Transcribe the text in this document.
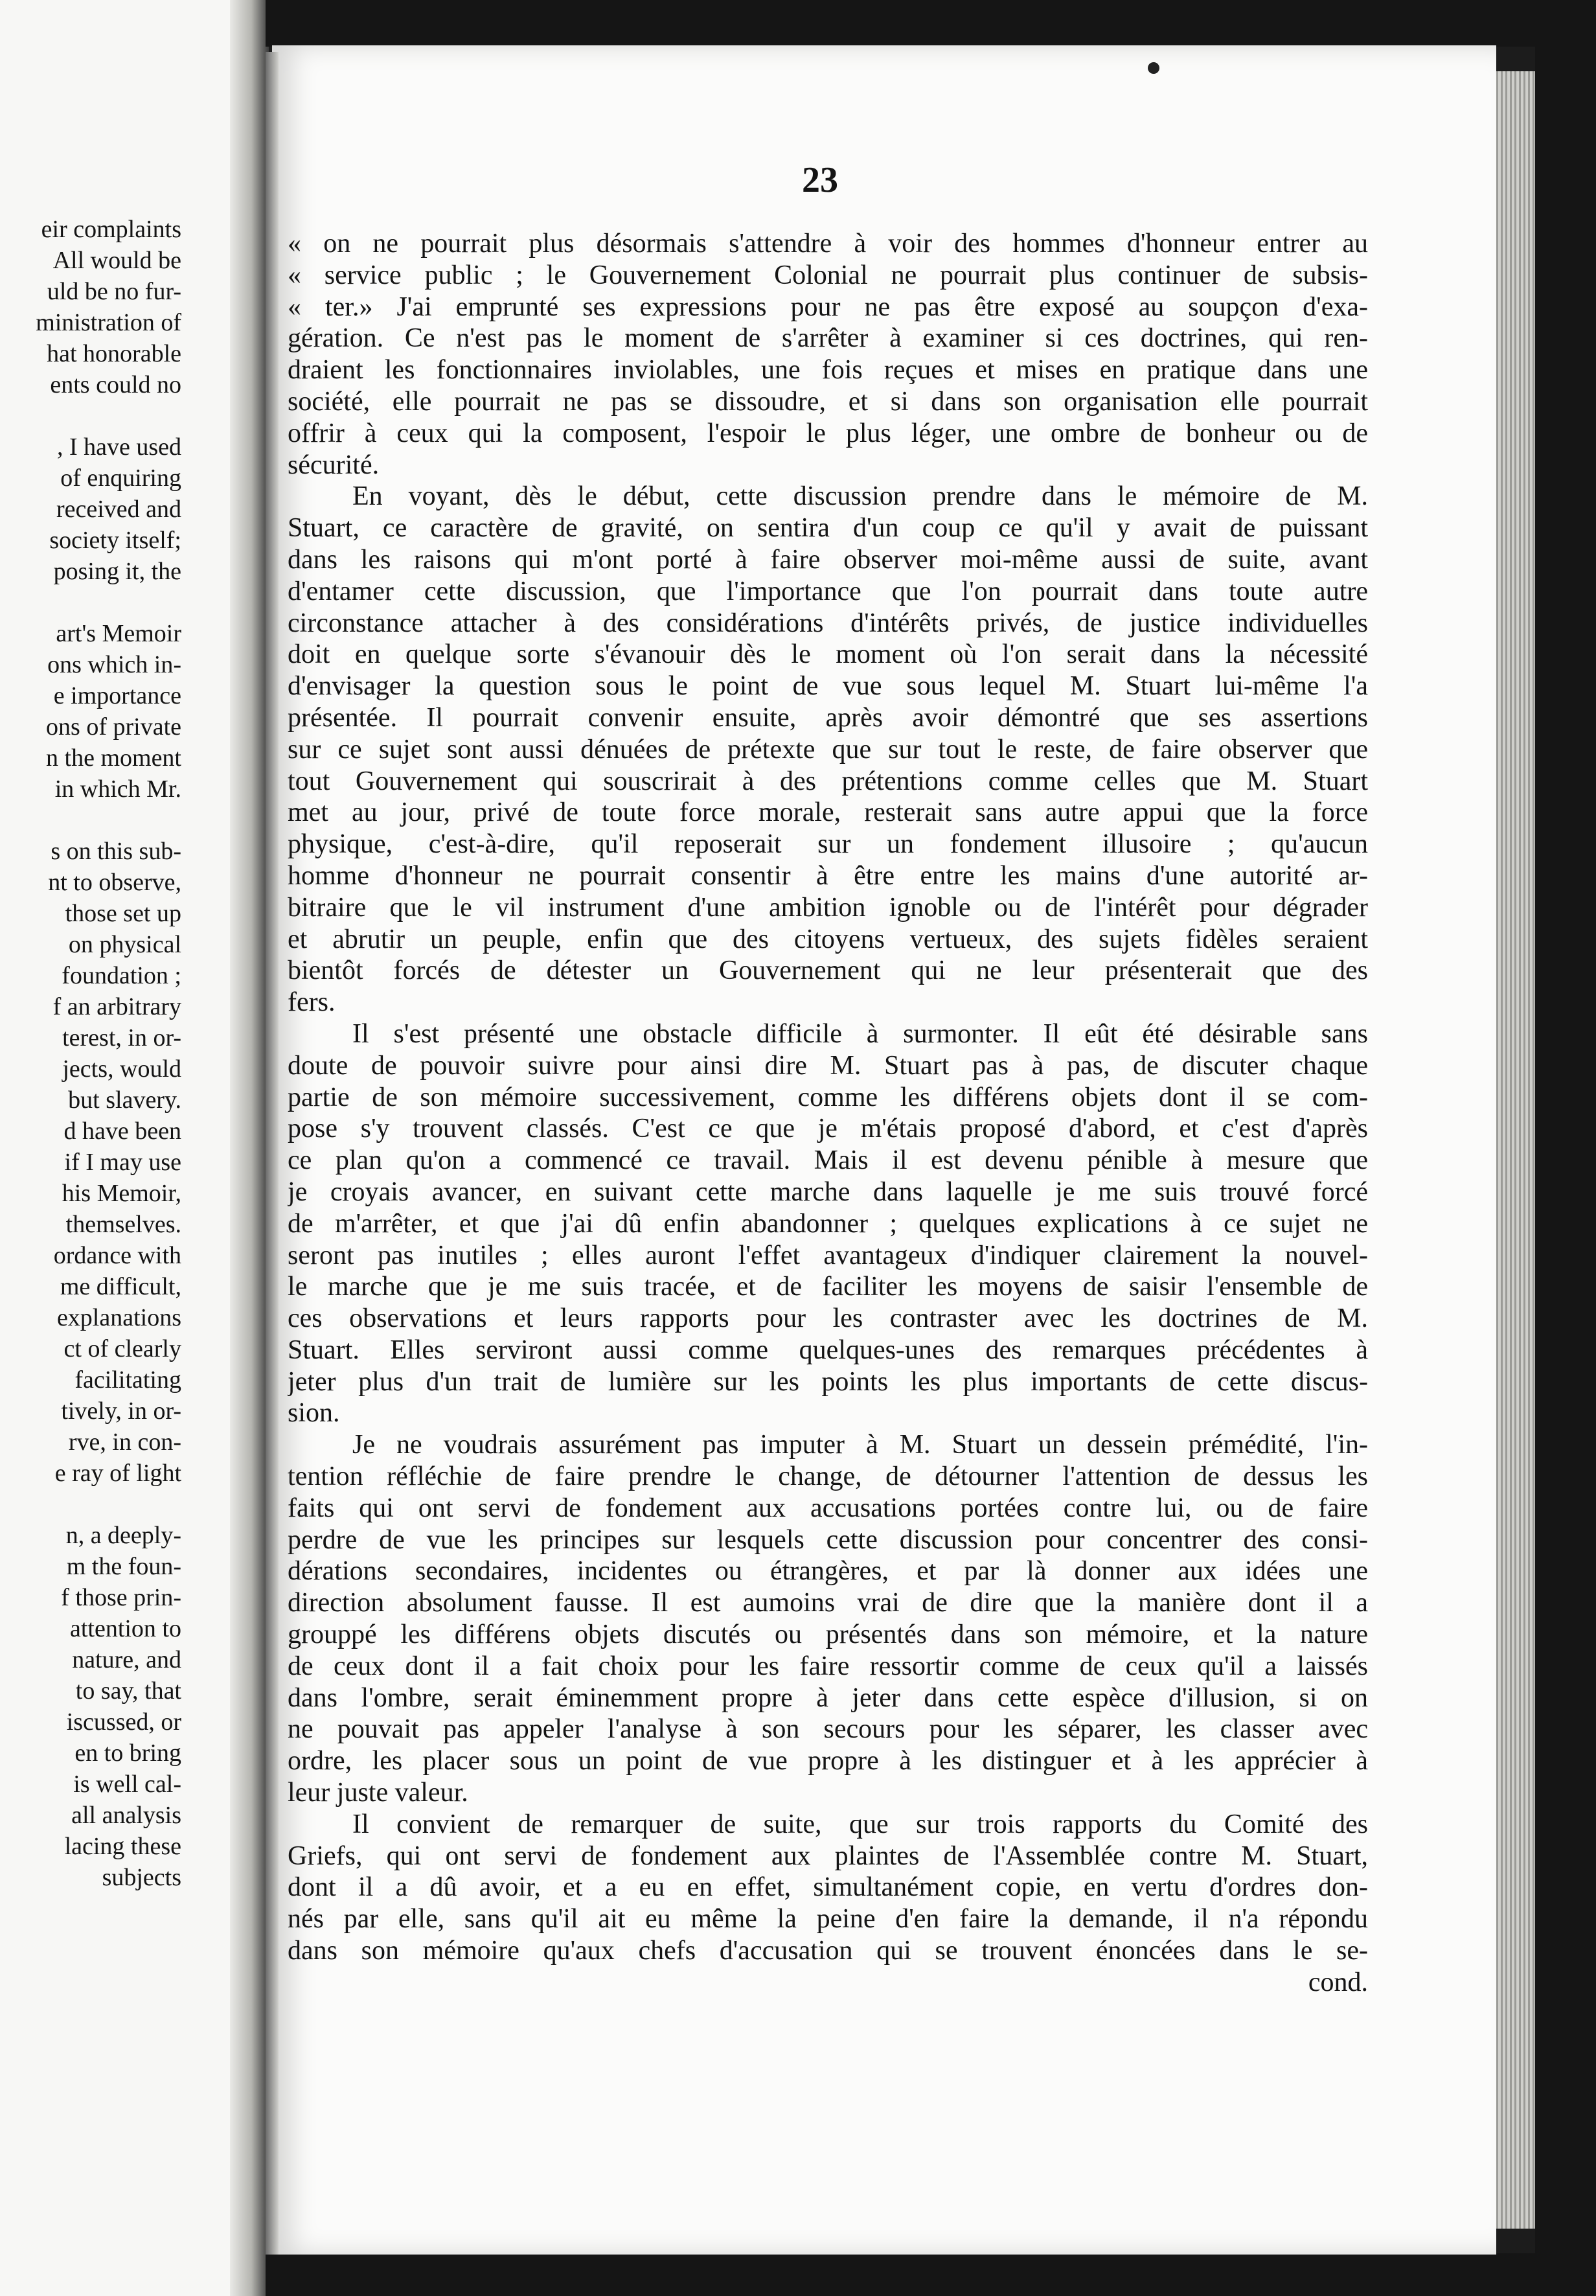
eir complaints
All would be
uld be no fur-
ministration of
hat honorable
ents could no
, I have used
of enquiring
received and
society itself;
posing it, the
art's Memoir
ons which in-
e importance
ons of private
n the moment
in which Mr.
s on this sub-
nt to observe,
those set up
on physical
foundation ;
f an arbitrary
terest, in or-
jects, would
but slavery.
d have been
if I may use
his Memoir,
themselves.
ordance with
me difficult,
explanations
ct of clearly
facilitating
tively, in or-
rve, in con-
e ray of light
n, a deeply-
m the foun-
f those prin-
attention to
nature, and
to say, that
iscussed, or
en to bring
is well cal-
all analysis
lacing these
subjects
23
« on ne pourrait plus désormais s'attendre à voir des hommes d'honneur entrer au
« service public ; le Gouvernement Colonial ne pourrait plus continuer de subsis-
« ter.» J'ai emprunté ses expressions pour ne pas être exposé au soupçon d'exa-
gération. Ce n'est pas le moment de s'arrêter à examiner si ces doctrines, qui ren-
draient les fonctionnaires inviolables, une fois reçues et mises en pratique dans une
société, elle pourrait ne pas se dissoudre, et si dans son organisation elle pourrait
offrir à ceux qui la composent, l'espoir le plus léger, une ombre de bonheur ou de
sécurité.
En voyant, dès le début, cette discussion prendre dans le mémoire de M.
Stuart, ce caractère de gravité, on sentira d'un coup ce qu'il y avait de puissant
dans les raisons qui m'ont porté à faire observer moi-même aussi de suite, avant
d'entamer cette discussion, que l'importance que l'on pourrait dans toute autre
circonstance attacher à des considérations d'intérêts privés, de justice individuelles
doit en quelque sorte s'évanouir dès le moment où l'on serait dans la nécessité
d'envisager la question sous le point de vue sous lequel M. Stuart lui-même l'a
présentée. Il pourrait convenir ensuite, après avoir démontré que ses assertions
sur ce sujet sont aussi dénuées de prétexte que sur tout le reste, de faire observer que
tout Gouvernement qui souscrirait à des prétentions comme celles que M. Stuart
met au jour, privé de toute force morale, resterait sans autre appui que la force
physique, c'est-à-dire, qu'il reposerait sur un fondement illusoire ; qu'aucun
homme d'honneur ne pourrait consentir à être entre les mains d'une autorité ar-
bitraire que le vil instrument d'une ambition ignoble ou de l'intérêt pour dégrader
et abrutir un peuple, enfin que des citoyens vertueux, des sujets fidèles seraient
bientôt forcés de détester un Gouvernement qui ne leur présenterait que des
fers.
Il s'est présenté une obstacle difficile à surmonter. Il eût été désirable sans
doute de pouvoir suivre pour ainsi dire M. Stuart pas à pas, de discuter chaque
partie de son mémoire successivement, comme les différens objets dont il se com-
pose s'y trouvent classés. C'est ce que je m'étais proposé d'abord, et c'est d'après
ce plan qu'on a commencé ce travail. Mais il est devenu pénible à mesure que
je croyais avancer, en suivant cette marche dans laquelle je me suis trouvé forcé
de m'arrêter, et que j'ai dû enfin abandonner ; quelques explications à ce sujet ne
seront pas inutiles ; elles auront l'effet avantageux d'indiquer clairement la nouvel-
le marche que je me suis tracée, et de faciliter les moyens de saisir l'ensemble de
ces observations et leurs rapports pour les contraster avec les doctrines de M.
Stuart. Elles serviront aussi comme quelques-unes des remarques précédentes à
jeter plus d'un trait de lumière sur les points les plus importants de cette discus-
sion.
Je ne voudrais assurément pas imputer à M. Stuart un dessein prémédité, l'in-
tention réfléchie de faire prendre le change, de détourner l'attention de dessus les
faits qui ont servi de fondement aux accusations portées contre lui, ou de faire
perdre de vue les principes sur lesquels cette discussion pour concentrer des consi-
dérations secondaires, incidentes ou étrangères, et par là donner aux idées une
direction absolument fausse. Il est aumoins vrai de dire que la manière dont il a
grouppé les différens objets discutés ou présentés dans son mémoire, et la nature
de ceux dont il a fait choix pour les faire ressortir comme de ceux qu'il a laissés
dans l'ombre, serait éminemment propre à jeter dans cette espèce d'illusion, si on
ne pouvait pas appeler l'analyse à son secours pour les séparer, les classer avec
ordre, les placer sous un point de vue propre à les distinguer et à les apprécier à
leur juste valeur.
Il convient de remarquer de suite, que sur trois rapports du Comité des
Griefs, qui ont servi de fondement aux plaintes de l'Assemblée contre M. Stuart,
dont il a dû avoir, et a eu en effet, simultanément copie, en vertu d'ordres don-
nés par elle, sans qu'il ait eu même la peine d'en faire la demande, il n'a répondu
dans son mémoire qu'aux chefs d'accusation qui se trouvent énoncées dans le se-
cond.
